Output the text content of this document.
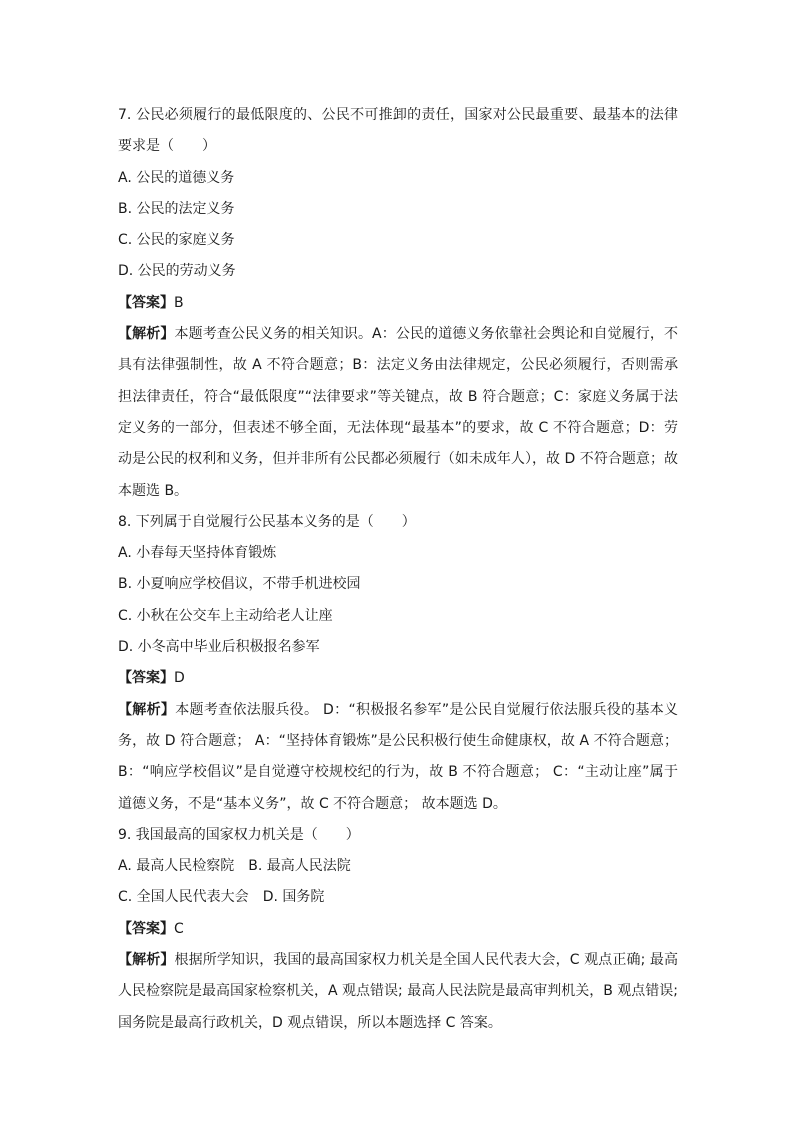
7. 公民必须履行的最低限度的、公民不可推卸的责任，国家对公民最重要、最基本的法律要求是（　　）
A. 公民的道德义务
B. 公民的法定义务
C. 公民的家庭义务
D. 公民的劳动义务
【答案】B
【解析】本题考查公民义务的相关知识。A：公民的道德义务依靠社会舆论和自觉履行，不具有法律强制性，故 A 不符合题意；B：法定义务由法律规定，公民必须履行，否则需承担法律责任，符合“最低限度”“法律要求”等关键点，故 B 符合题意；C：家庭义务属于法定义务的一部分，但表述不够全面，无法体现“最基本”的要求，故 C 不符合题意；D：劳动是公民的权利和义务，但并非所有公民都必须履行（如未成年人），故 D 不符合题意；故本题选 B。
8. 下列属于自觉履行公民基本义务的是（　　）
A. 小春每天坚持体育锻炼
B. 小夏响应学校倡议，不带手机进校园
C. 小秋在公交车上主动给老人让座
D. 小冬高中毕业后积极报名参军
【答案】D
【解析】本题考查依法服兵役。 D：“积极报名参军”是公民自觉履行依法服兵役的基本义务，故 D 符合题意； A：“坚持体育锻炼”是公民积极行使生命健康权，故 A 不符合题意；B：“响应学校倡议”是自觉遵守校规校纪的行为，故 B 不符合题意； C：“主动让座”属于道德义务，不是“基本义务”，故 C 不符合题意； 故本题选 D。
9. 我国最高的国家权力机关是（　　）
A. 最高人民检察院 B. 最高人民法院
C. 全国人民代表大会 D. 国务院
【答案】C
【解析】根据所学知识，我国的最高国家权力机关是全国人民代表大会，C 观点正确; 最高人民检察院是最高国家检察机关，A 观点错误; 最高人民法院是最高审判机关，B 观点错误; 国务院是最高行政机关，D 观点错误，所以本题选择 C 答案。
